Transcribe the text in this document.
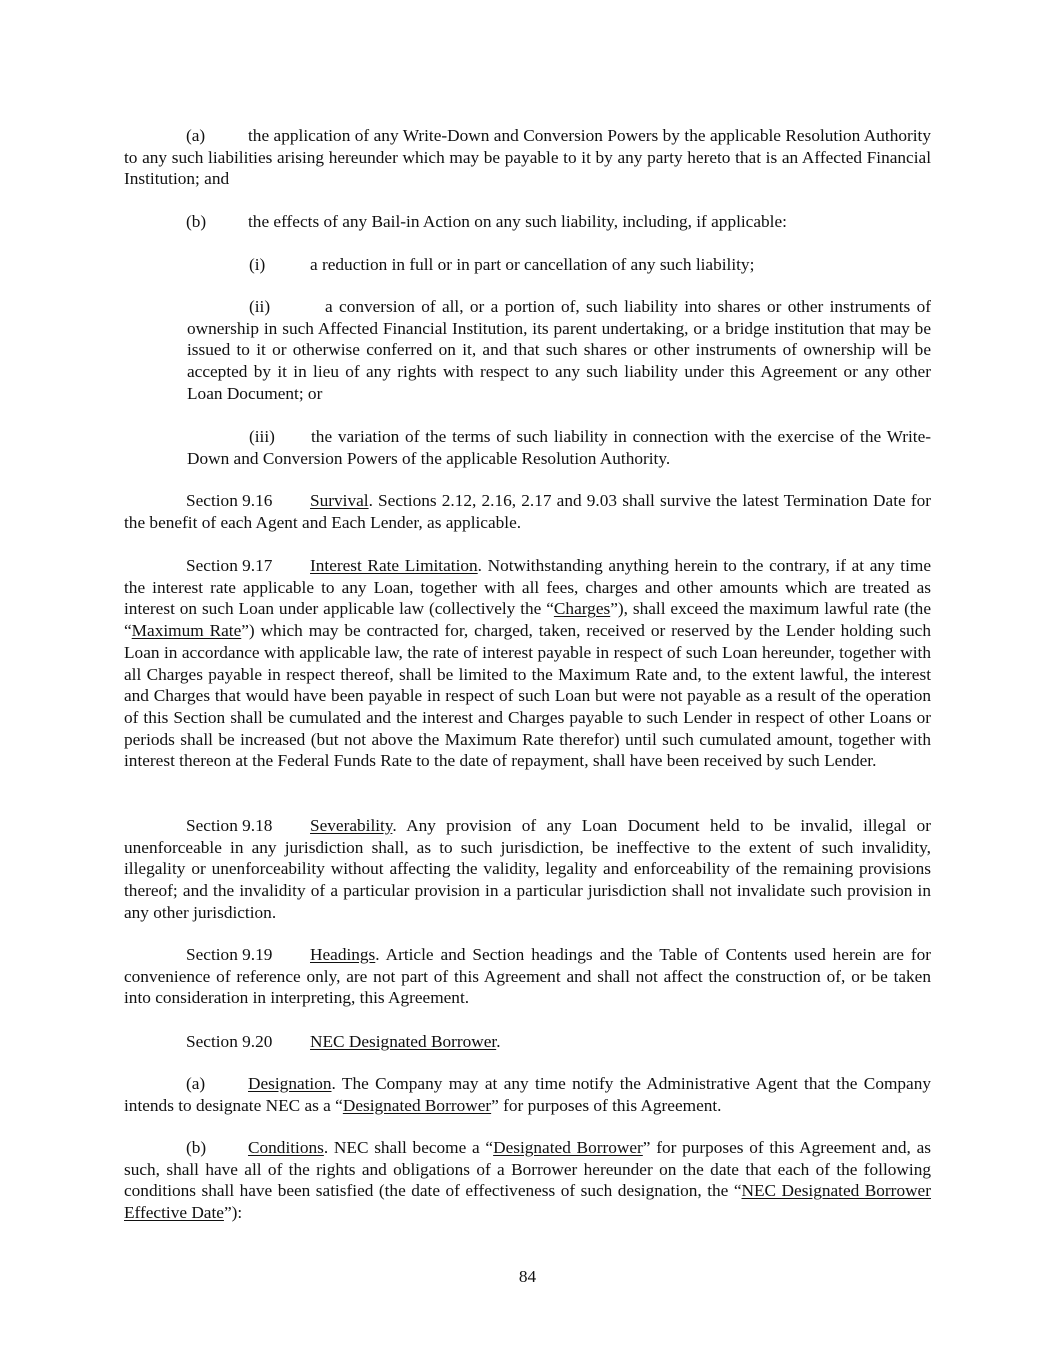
(a) the application of any Write-Down and Conversion Powers by the applicable Resolution Authority to any such liabilities arising hereunder which may be payable to it by any party hereto that is an Affected Financial Institution; and

(b) the effects of any Bail-in Action on any such liability, including, if applicable:

(i)	a reduction in full or in part or cancellation of any such liability;

(ii)	a conversion of all, or a portion of, such liability into shares or other instruments of ownership in such Affected Financial Institution, its parent undertaking, or a bridge institution that may be issued to it or otherwise conferred on it, and that such shares or other instruments of ownership will be accepted by it in lieu of any rights with respect to any such liability under this Agreement or any other Loan Document; or

(iii) the variation of the terms of such liability in connection with the exercise of the Write-Down and Conversion Powers of the applicable Resolution Authority.

Section 9.16 Survival. Sections 2.12, 2.16, 2.17 and 9.03 shall survive the latest Termination Date for the benefit of each Agent and Each Lender, as applicable.

Section 9.17 Interest Rate Limitation. Notwithstanding anything herein to the contrary, if at any time the interest rate applicable to any Loan, together with all fees, charges and other amounts which are treated as interest on such Loan under applicable law (collectively the “Charges”), shall exceed the maximum lawful rate (the “Maximum Rate”) which may be contracted for, charged, taken, received or reserved by the Lender holding such Loan in accordance with applicable law, the rate of interest payable in respect of such Loan hereunder, together with all Charges payable in respect thereof, shall be limited to the Maximum Rate and, to the extent lawful, the interest and Charges that would have been payable in respect of such Loan but were not payable as a result of the operation of this Section shall be cumulated and the interest and Charges payable to such Lender in respect of other Loans or periods shall be increased (but not above the Maximum Rate therefor) until such cumulated amount, together with interest thereon at the Federal Funds Rate to the date of repayment, shall have been received by such Lender.

Section 9.18 Severability. Any provision of any Loan Document held to be invalid, illegal or unenforceable in any jurisdiction shall, as to such jurisdiction, be ineffective to the extent of such invalidity, illegality or unenforceability without affecting the validity, legality and enforceability of the remaining provisions thereof; and the invalidity of a particular provision in a particular jurisdiction shall not invalidate such provision in any other jurisdiction.

Section 9.19 Headings. Article and Section headings and the Table of Contents used herein are for convenience of reference only, are not part of this Agreement and shall not affect the construction of, or be taken into consideration in interpreting, this Agreement.

Section 9.20 NEC Designated Borrower.

(a) Designation. The Company may at any time notify the Administrative Agent that the Company intends to designate NEC as a “Designated Borrower” for purposes of this Agreement.

(b) Conditions. NEC shall become a “Designated Borrower” for purposes of this Agreement and, as such, shall have all of the rights and obligations of a Borrower hereunder on the date that each of the following conditions shall have been satisfied (the date of effectiveness of such designation, the “NEC Designated Borrower Effective Date”):

84
